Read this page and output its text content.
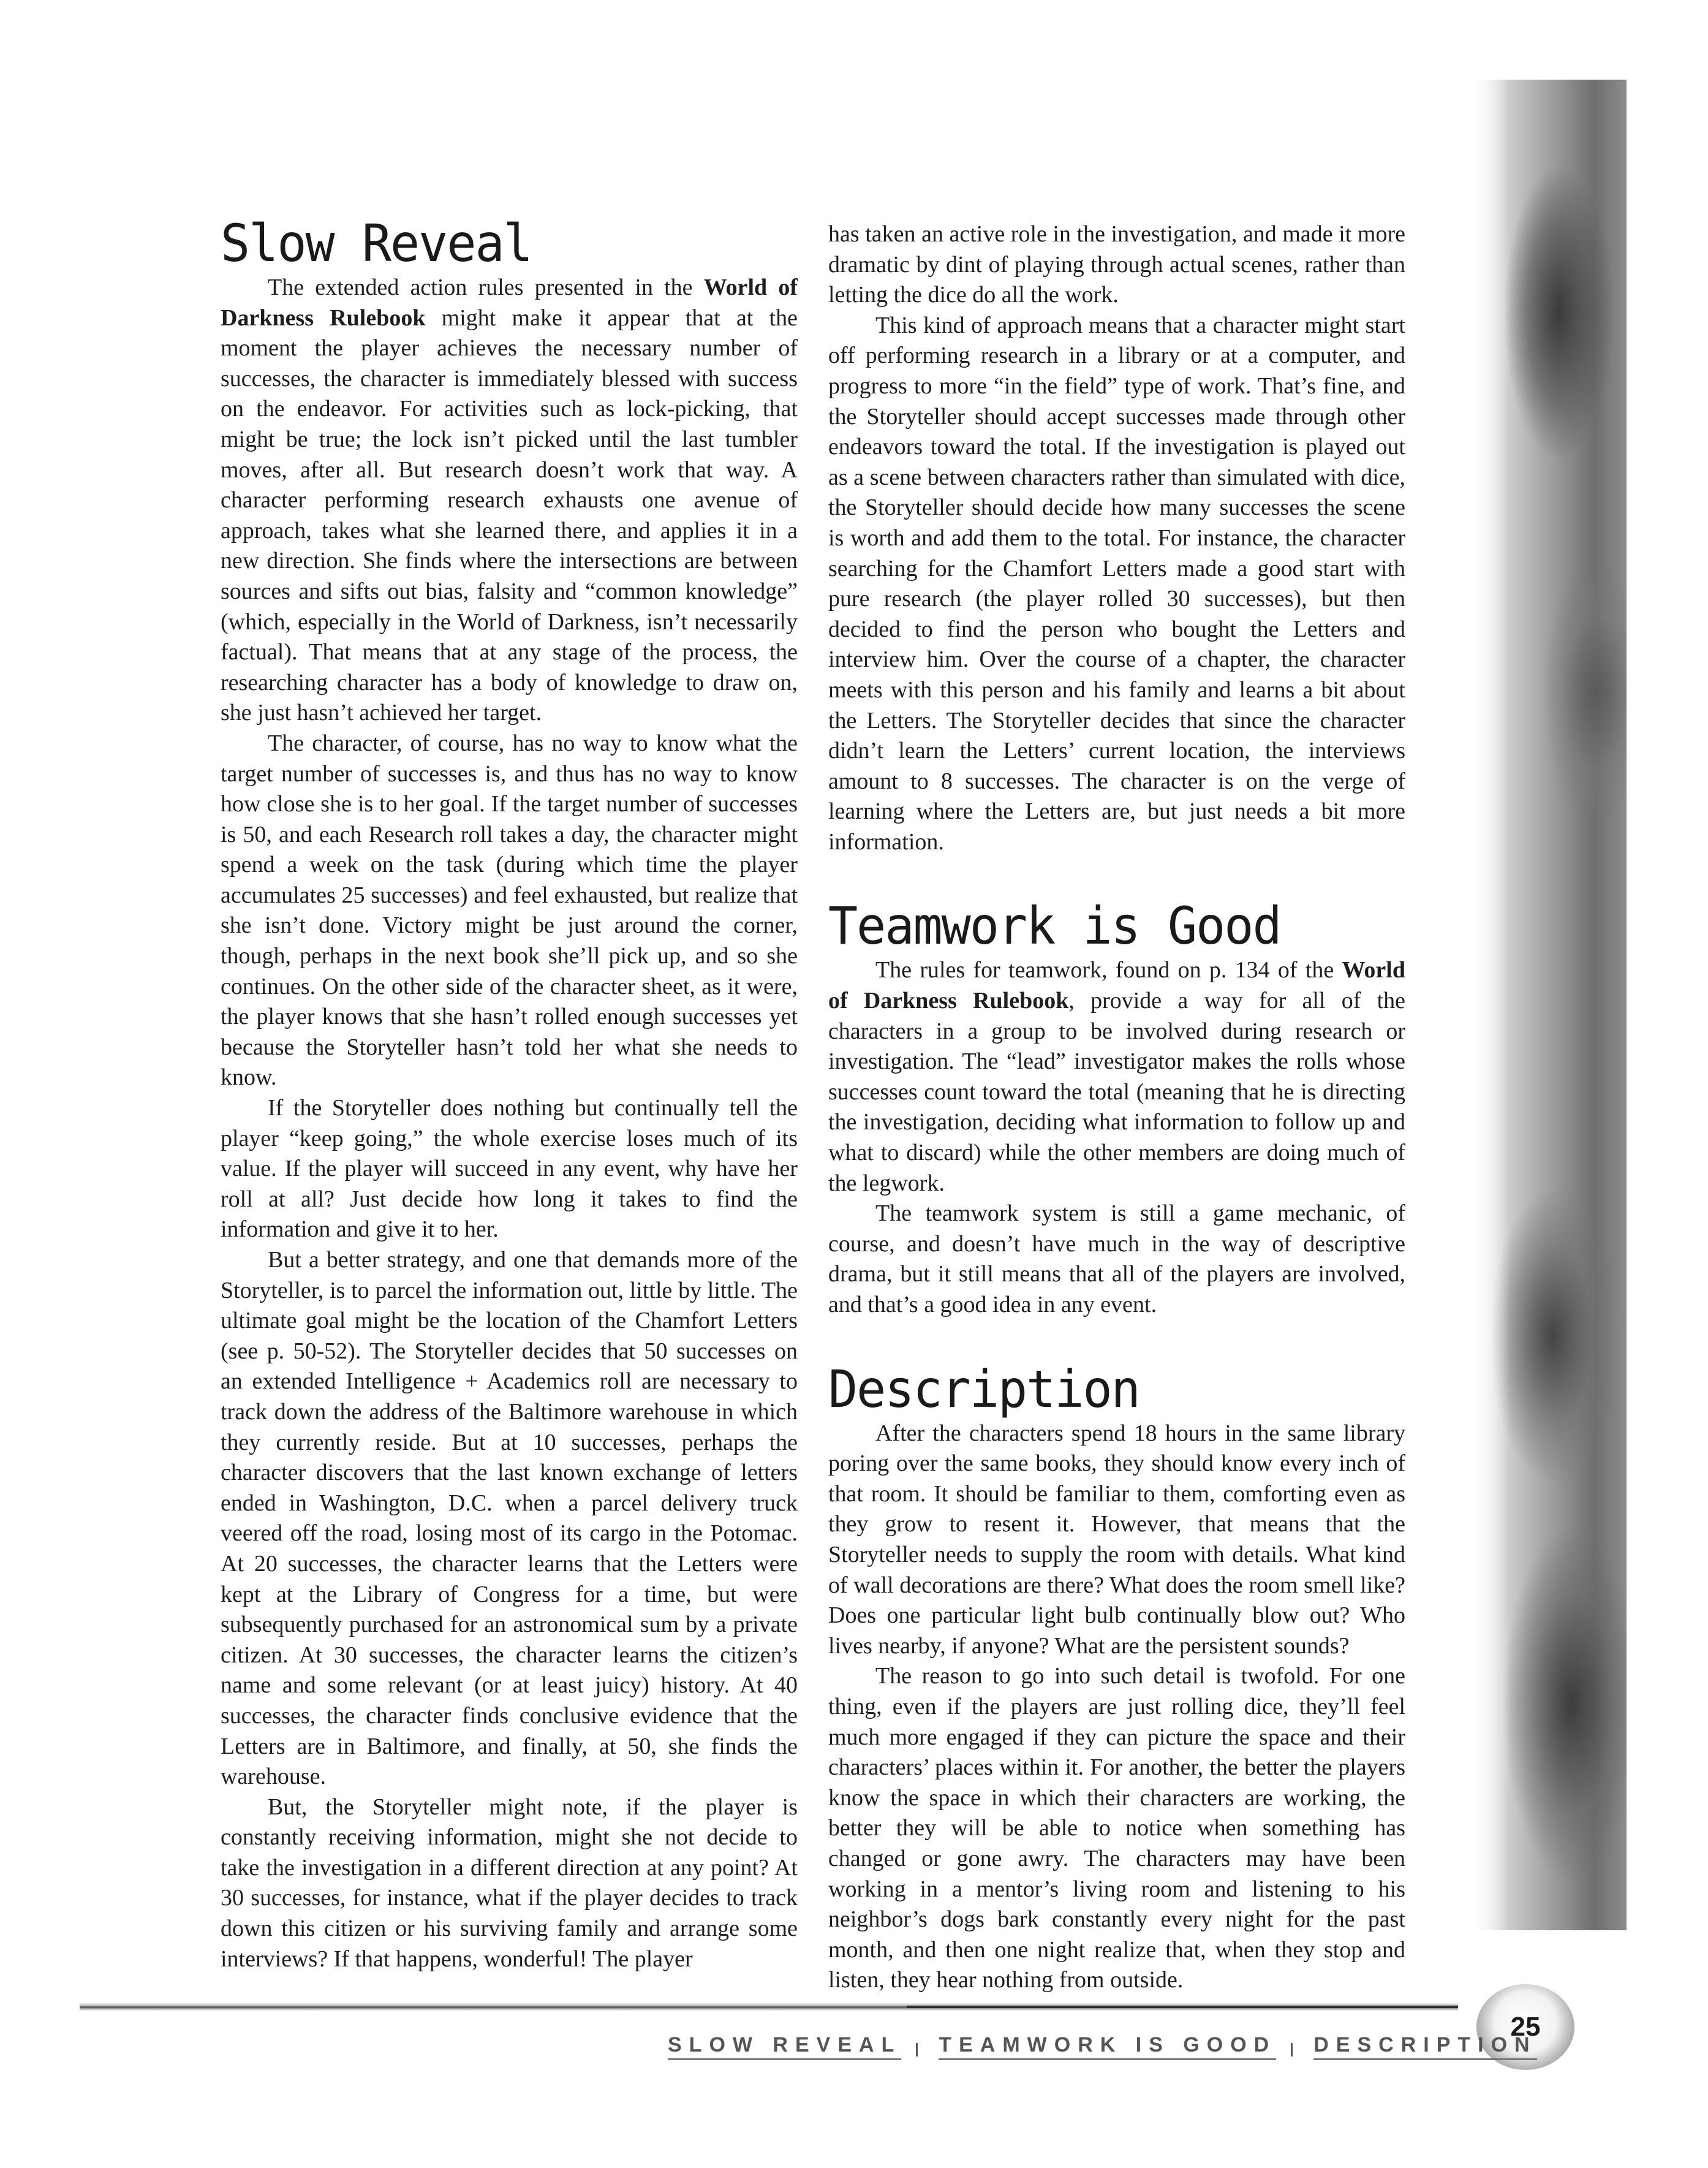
Slow Reveal

The extended action rules presented in the World of Darkness Rulebook might make it appear that at the moment the player achieves the necessary number of successes, the character is immediately blessed with success on the endeavor. For activities such as lock-picking, that might be true; the lock isn’t picked until the last tumbler moves, after all. But research doesn’t work that way. A character performing research exhausts one avenue of approach, takes what she learned there, and applies it in a new direction. She finds where the intersections are between sources and sifts out bias, falsity and “common knowledge” (which, especially in the World of Darkness, isn’t necessarily factual). That means that at any stage of the process, the researching character has a body of knowledge to draw on, she just hasn’t achieved her target.

The character, of course, has no way to know what the target number of successes is, and thus has no way to know how close she is to her goal. If the target number of successes is 50, and each Research roll takes a day, the character might spend a week on the task (during which time the player accumulates 25 successes) and feel exhausted, but realize that she isn’t done. Victory might be just around the corner, though, perhaps in the next book she’ll pick up, and so she continues. On the other side of the character sheet, as it were, the player knows that she hasn’t rolled enough successes yet because the Storyteller hasn’t told her what she needs to know.

If the Storyteller does nothing but continually tell the player “keep going,” the whole exercise loses much of its value. If the player will succeed in any event, why have her roll at all? Just decide how long it takes to find the information and give it to her.

But a better strategy, and one that demands more of the Storyteller, is to parcel the information out, little by little. The ultimate goal might be the location of the Chamfort Letters (see p. 50-52). The Storyteller decides that 50 successes on an extended Intelligence + Academics roll are necessary to track down the address of the Baltimore warehouse in which they currently reside. But at 10 successes, perhaps the character discovers that the last known exchange of letters ended in Washington, D.C. when a parcel delivery truck veered off the road, losing most of its cargo in the Potomac. At 20 successes, the character learns that the Letters were kept at the Library of Congress for a time, but were subsequently purchased for an astronomical sum by a private citizen. At 30 successes, the character learns the citizen’s name and some relevant (or at least juicy) history. At 40 successes, the character finds conclusive evidence that the Letters are in Baltimore, and finally, at 50, she finds the warehouse.

But, the Storyteller might note, if the player is constantly receiving information, might she not decide to take the investigation in a different direction at any point? At 30 successes, for instance, what if the player decides to track down this citizen or his surviving family and arrange some interviews? If that happens, wonderful! The player

has taken an active role in the investigation, and made it more dramatic by dint of playing through actual scenes, rather than letting the dice do all the work.

This kind of approach means that a character might start off performing research in a library or at a computer, and progress to more “in the field” type of work. That’s fine, and the Storyteller should accept successes made through other endeavors toward the total. If the investigation is played out as a scene between characters rather than simulated with dice, the Storyteller should decide how many successes the scene is worth and add them to the total. For instance, the character searching for the Chamfort Letters made a good start with pure research (the player rolled 30 successes), but then decided to find the person who bought the Letters and interview him. Over the course of a chapter, the character meets with this person and his family and learns a bit about the Letters. The Storyteller decides that since the character didn’t learn the Letters’ current location, the interviews amount to 8 successes. The character is on the verge of learning where the Letters are, but just needs a bit more information.

Teamwork is Good

The rules for teamwork, found on p. 134 of the World of Darkness Rulebook, provide a way for all of the characters in a group to be involved during research or investigation. The “lead” investigator makes the rolls whose successes count toward the total (meaning that he is directing the investigation, deciding what information to follow up and what to discard) while the other members are doing much of the legwork.

The teamwork system is still a game mechanic, of course, and doesn’t have much in the way of descriptive drama, but it still means that all of the players are involved, and that’s a good idea in any event.

Description

After the characters spend 18 hours in the same library poring over the same books, they should know every inch of that room. It should be familiar to them, comforting even as they grow to resent it. However, that means that the Storyteller needs to supply the room with details. What kind of wall decorations are there? What does the room smell like? Does one particular light bulb continually blow out? Who lives nearby, if anyone? What are the persistent sounds?

The reason to go into such detail is twofold. For one thing, even if the players are just rolling dice, they’ll feel much more engaged if they can picture the space and their characters’ places within it. For another, the better the players know the space in which their characters are working, the better they will be able to notice when something has changed or gone awry. The characters may have been working in a mentor’s living room and listening to his neighbor’s dogs bark constantly every night for the past month, and then one night realize that, when they stop and listen, they hear nothing from outside.

25
SLOW REVEAL TEAMWORK IS GOOD DESCRIPTION
